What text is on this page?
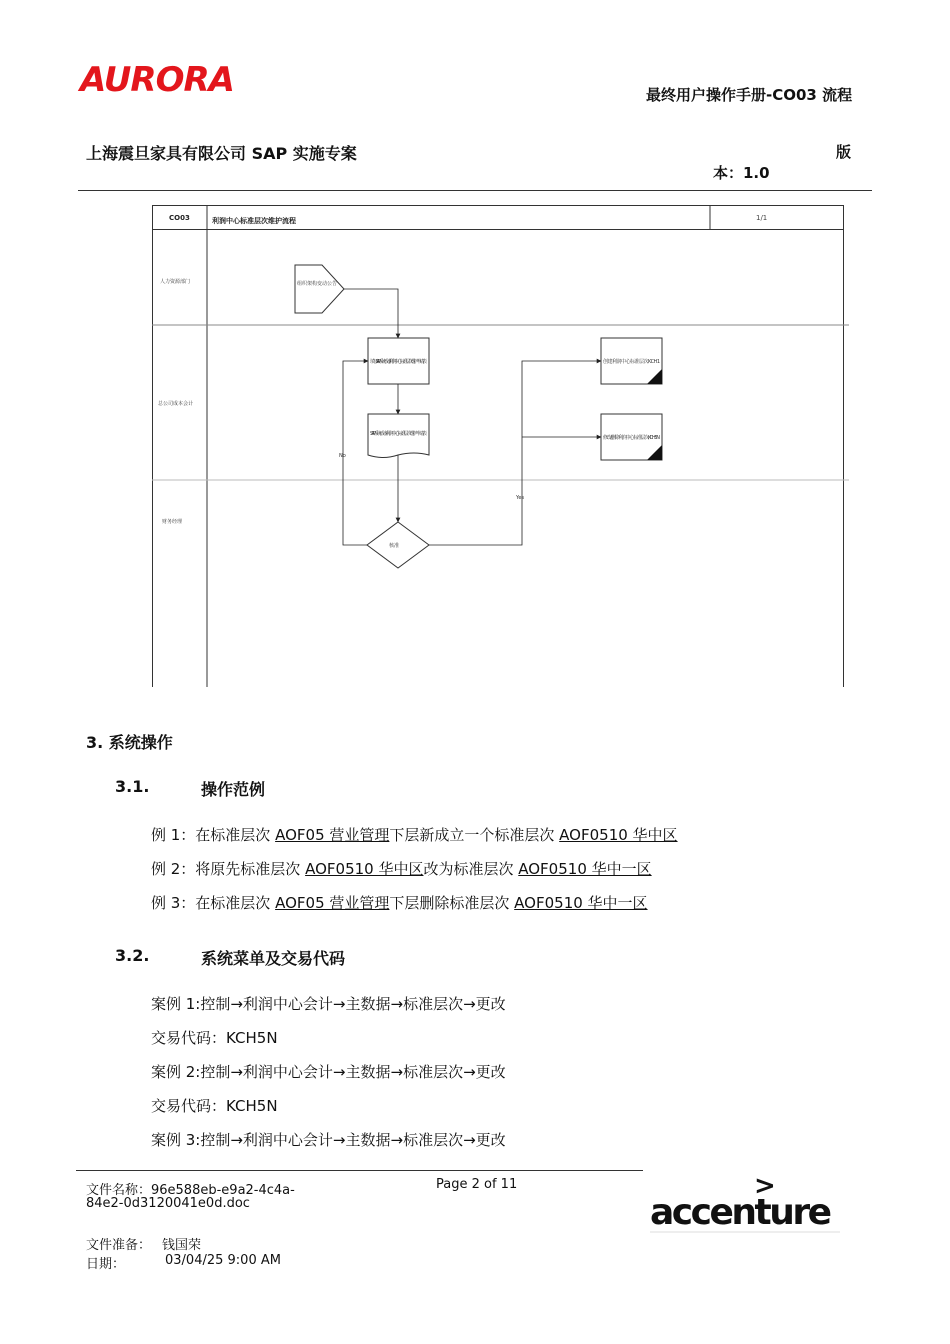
AURORA	最终用户操作手册-CO03 流程
上海震旦家具有限公司 SAP 实施专案	版
本：1.0
CO03	利润中心标准层次维护流程	1/1
人力资源部门
总公司成本会计
财务经理
组织架构变动公告
填写SAP系统成本/利润中心标准层次维护申请表
SAP系统成本/利润中心标准层次维护申请表
核准
创建利润中心标准层次KCH1
修改/删除利润中心标准层次KCH5N
No
Yes
3. 系统操作
3.1.	操作范例
例 1：在标准层次 AOF05 营业管理下层新成立一个标准层次 AOF0510 华中区
例 2：将原先标准层次 AOF0510 华中区改为标准层次 AOF0510 华中一区
例 3：在标准层次 AOF05 营业管理下层删除标准层次 AOF0510 华中一区
3.2.	系统菜单及交易代码
案例 1:控制→利润中心会计→主数据→标准层次→更改
交易代码：KCH5N
案例 2:控制→利润中心会计→主数据→标准层次→更改
交易代码：KCH5N
案例 3:控制→利润中心会计→主数据→标准层次→更改
文件名称：96e588eb-e9a2-4c4a-
84e2-0d3120041e0d.doc
Page 2 of 11
文件准备： 钱国荣
日期：	03/04/25 9:00 AM
>
accenture
